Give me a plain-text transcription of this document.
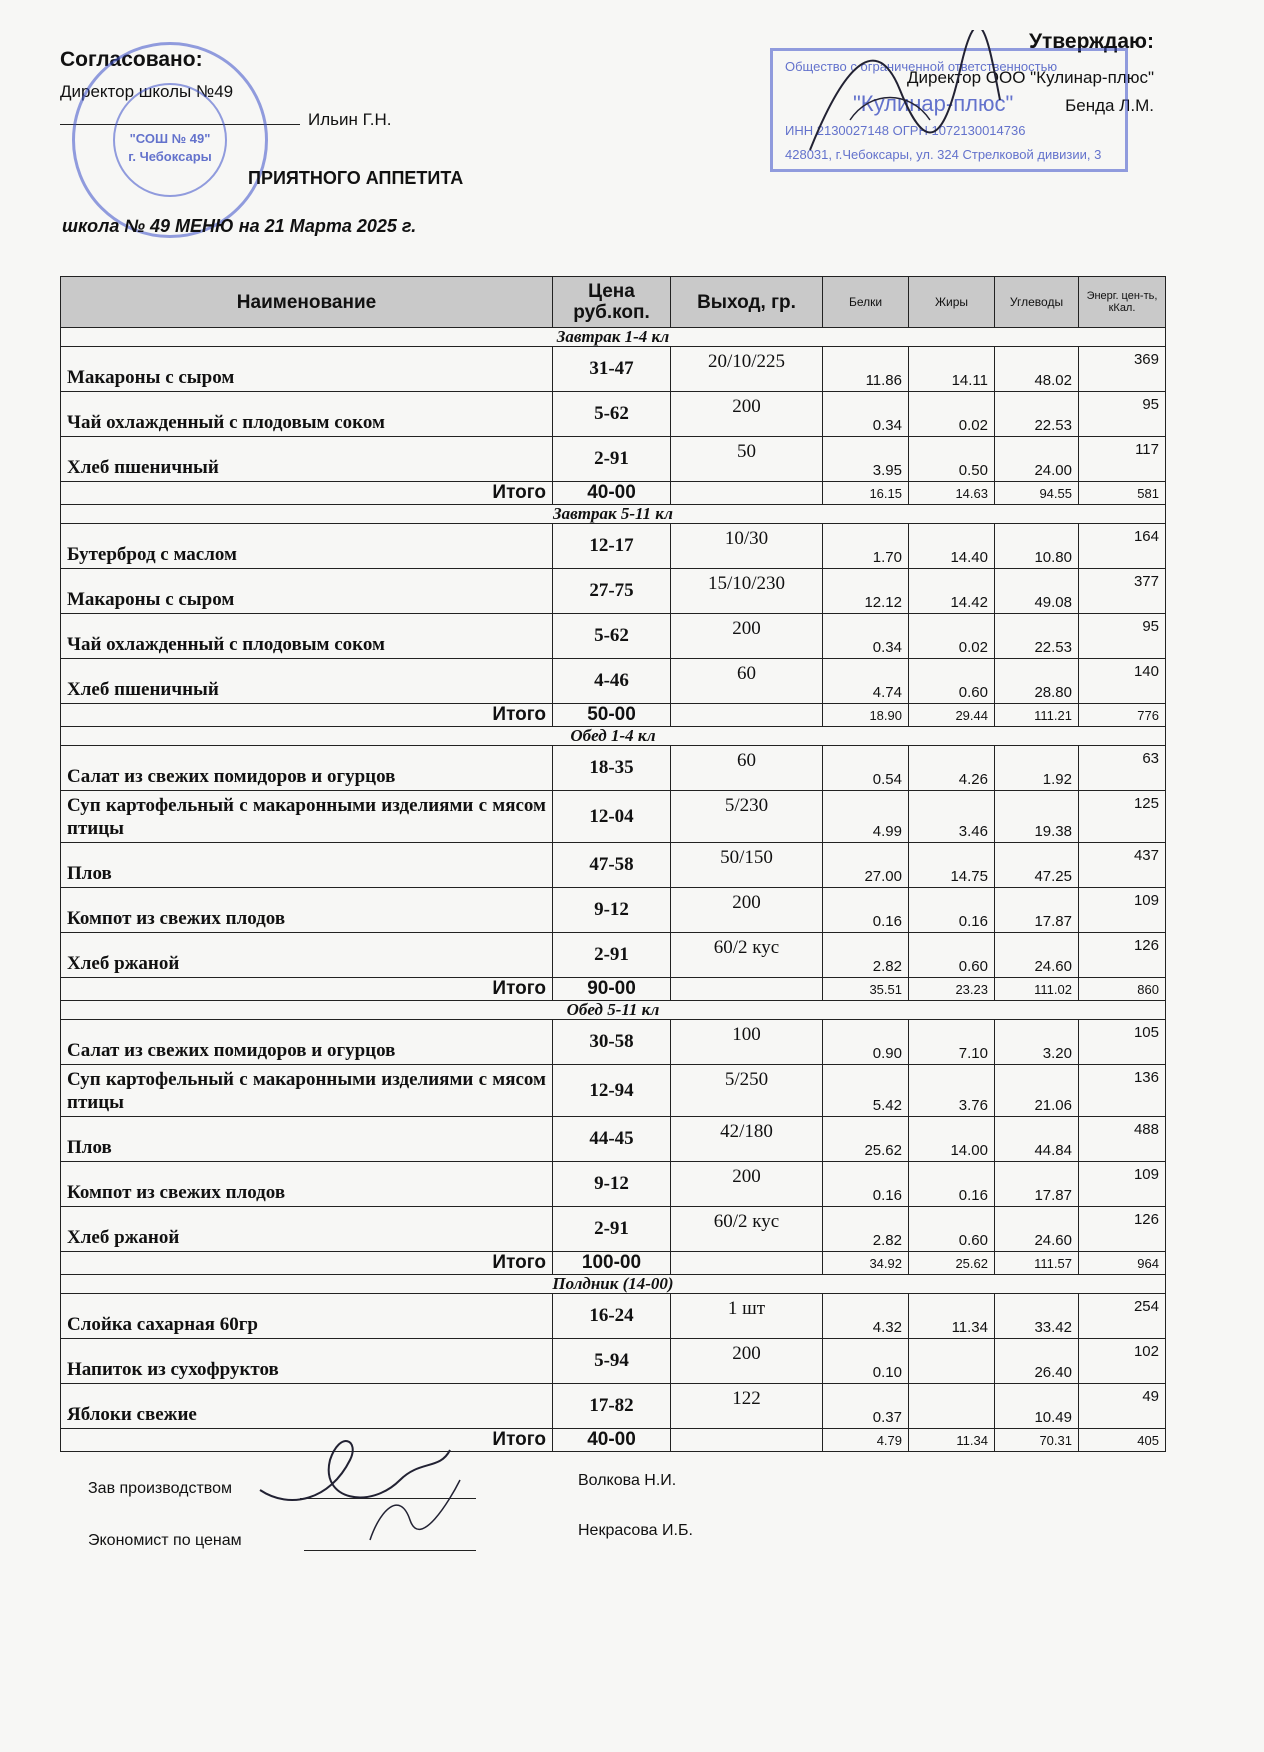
Согласовано:
Директор школы №49
Ильин Г.Н.
"СОШ № 49"
г. Чебоксары
Утверждаю:
Директор ООО "Кулинар-плюс"
Бенда Л.М.
Общество с ограниченной ответственностью
"Кулинар-плюс"
ИНН 2130027148 ОГРН 1072130014736
428031, г.Чебоксары, ул. 324 Стрелковой дивизии, 3
ПРИЯТНОГО АППЕТИТА
школа № 49 МЕНЮ на 21 Марта 2025 г.
Наименование	Цена руб.коп.	Выход, гр.	Белки	Жиры	Углеводы	Энерг. цен-ть, кКал.
Завтрак 1-4 кл						
Макароны с сыром	31-47	20/10/225	11.86	14.11	48.02	369
Чай охлажденный с плодовым соком	5-62	200	0.34	0.02	22.53	95
Хлеб пшеничный	2-91	50	3.95	0.50	24.00	117
Итого	40-00		16.15	14.63	94.55	581
Завтрак 5-11 кл						
Бутерброд с маслом	12-17	10/30	1.70	14.40	10.80	164
Макароны с сыром	27-75	15/10/230	12.12	14.42	49.08	377
Чай охлажденный с плодовым соком	5-62	200	0.34	0.02	22.53	95
Хлеб пшеничный	4-46	60	4.74	0.60	28.80	140
Итого	50-00		18.90	29.44	111.21	776
Обед 1-4 кл						
Салат из свежих помидоров и огурцов	18-35	60	0.54	4.26	1.92	63
Суп картофельный с макаронными изделиями с мясом птицы	12-04	5/230	4.99	3.46	19.38	125
Плов	47-58	50/150	27.00	14.75	47.25	437
Компот из свежих плодов	9-12	200	0.16	0.16	17.87	109
Хлеб ржаной	2-91	60/2 кус	2.82	0.60	24.60	126
Итого	90-00		35.51	23.23	111.02	860
Обед 5-11 кл						
Салат из свежих помидоров и огурцов	30-58	100	0.90	7.10	3.20	105
Суп картофельный с макаронными изделиями с мясом птицы	12-94	5/250	5.42	3.76	21.06	136
Плов	44-45	42/180	25.62	14.00	44.84	488
Компот из свежих плодов	9-12	200	0.16	0.16	17.87	109
Хлеб ржаной	2-91	60/2 кус	2.82	0.60	24.60	126
Итого	100-00		34.92	25.62	111.57	964
Полдник (14-00)						
Слойка сахарная 60гр	16-24	1 шт	4.32	11.34	33.42	254
Напиток из сухофруктов	5-94	200	0.10		26.40	102
Яблоки свежие	17-82	122	0.37		10.49	49
Итого	40-00		4.79	11.34	70.31	405
Зав производством	Волкова Н.И.
Экономист по ценам
Некрасова И.Б.
